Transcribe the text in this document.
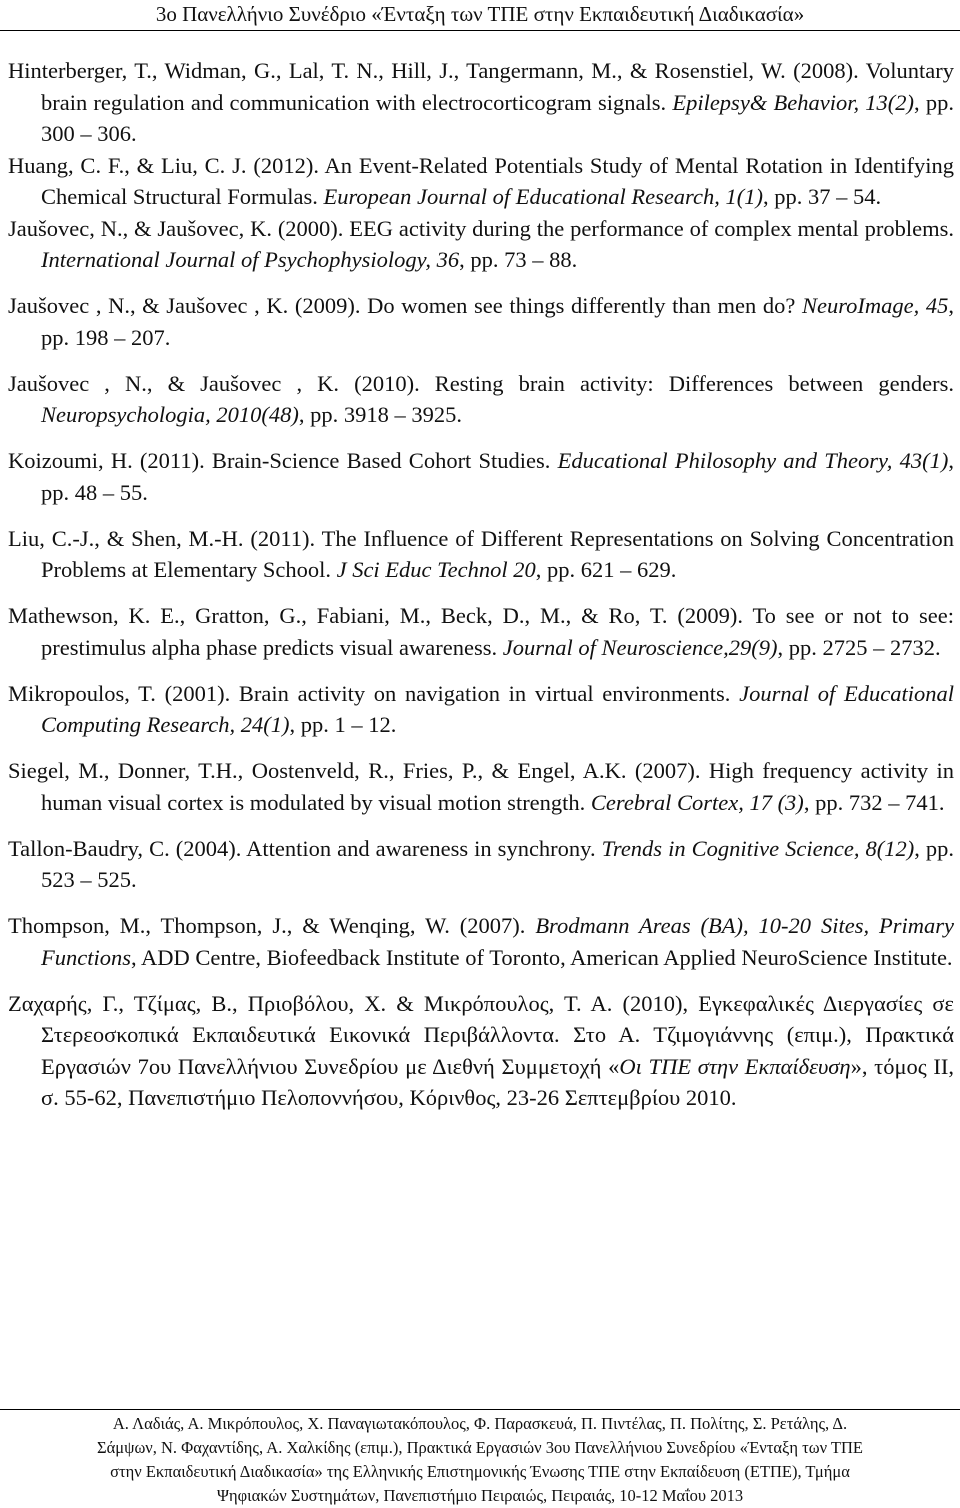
3ο Πανελλήνιο Συνέδριο «Ένταξη των ΤΠΕ στην Εκπαιδευτική Διαδικασία»

Hinterberger, T., Widman, G., Lal, T. N., Hill, J., Tangermann, M., & Rosenstiel, W. (2008). Voluntary brain regulation and communication with electrocorticogram signals. Epilepsy& Behavior, 13(2), pp. 300 – 306.

Huang, C. F., & Liu, C. J. (2012). An Event-Related Potentials Study of Mental Rotation in Identifying Chemical Structural Formulas. European Journal of Educational Research, 1(1), pp. 37 – 54.

Jaušovec, N., & Jaušovec, K. (2000). EEG activity during the performance of complex mental problems. International Journal of Psychophysiology, 36, pp. 73 – 88.

Jaušovec , N., & Jaušovec , K. (2009). Do women see things differently than men do? NeuroImage, 45, pp. 198 – 207.

Jaušovec , N., & Jaušovec , K. (2010). Resting brain activity: Differences between genders. Neuropsychologia, 2010(48), pp. 3918 – 3925.

Koizoumi, H. (2011). Brain-Science Based Cohort Studies. Educational Philosophy and Theory, 43(1), pp. 48 – 55.

Liu, C.-J., & Shen, M.-H. (2011). The Influence of Different Representations on Solving Concentration Problems at Elementary School. J Sci Educ Technol 20, pp. 621 – 629.

Mathewson, K. E., Gratton, G., Fabiani, M., Beck, D., M., & Ro, T. (2009). To see or not to see: prestimulus alpha phase predicts visual awareness. Journal of Neuroscience,29(9), pp. 2725 – 2732.

Mikropoulos, T. (2001). Brain activity on navigation in virtual environments. Journal of Educational Computing Research, 24(1), pp. 1 – 12.

Siegel, M., Donner, T.H., Oostenveld, R., Fries, P., & Engel, A.K. (2007). High frequency activity in human visual cortex is modulated by visual motion strength. Cerebral Cortex, 17 (3), pp. 732 – 741.

Tallon-Baudry, C. (2004). Attention and awareness in synchrony. Trends in Cognitive Science, 8(12), pp. 523 – 525.

Thompson, M., Thompson, J., & Wenqing, W. (2007). Brodmann Areas (BA), 10-20 Sites, Primary Functions, ADD Centre, Biofeedback Institute of Toronto, American Applied NeuroScience Institute.

Ζαχαρής, Γ., Τζίμας, Β., Πριοβόλου, Χ. & Μικρόπουλος, Τ. Α. (2010), Εγκεφαλικές Διεργασίες σε Στερεοσκοπικά Εκπαιδευτικά Εικονικά Περιβάλλοντα. Στο Α. Τζιμογιάννης (επιμ.), Πρακτικά Εργασιών 7ου Πανελλήνιου Συνεδρίου με Διεθνή Συμμετοχή «Οι ΤΠΕ στην Εκπαίδευση», τόμος ΙΙ, σ. 55-62, Πανεπιστήμιο Πελοποννήσου, Κόρινθος, 23-26 Σεπτεμβρίου 2010.

Α. Λαδιάς, Α. Μικρόπουλος, Χ. Παναγιωτακόπουλος, Φ. Παρασκευά, Π. Πιντέλας, Π. Πολίτης, Σ. Ρετάλης, Δ.
Σάμψων, Ν. Φαχαντίδης, Α. Χαλκίδης (επιμ.), Πρακτικά Εργασιών 3ου Πανελλήνιου Συνεδρίου «Ένταξη των ΤΠΕ
στην Εκπαιδευτική Διαδικασία» της Ελληνικής Επιστημονικής Ένωσης ΤΠΕ στην Εκπαίδευση (ΕΤΠΕ), Τμήμα
Ψηφιακών Συστημάτων, Πανεπιστήμιο Πειραιώς, Πειραιάς, 10-12 Μαΐου 2013
